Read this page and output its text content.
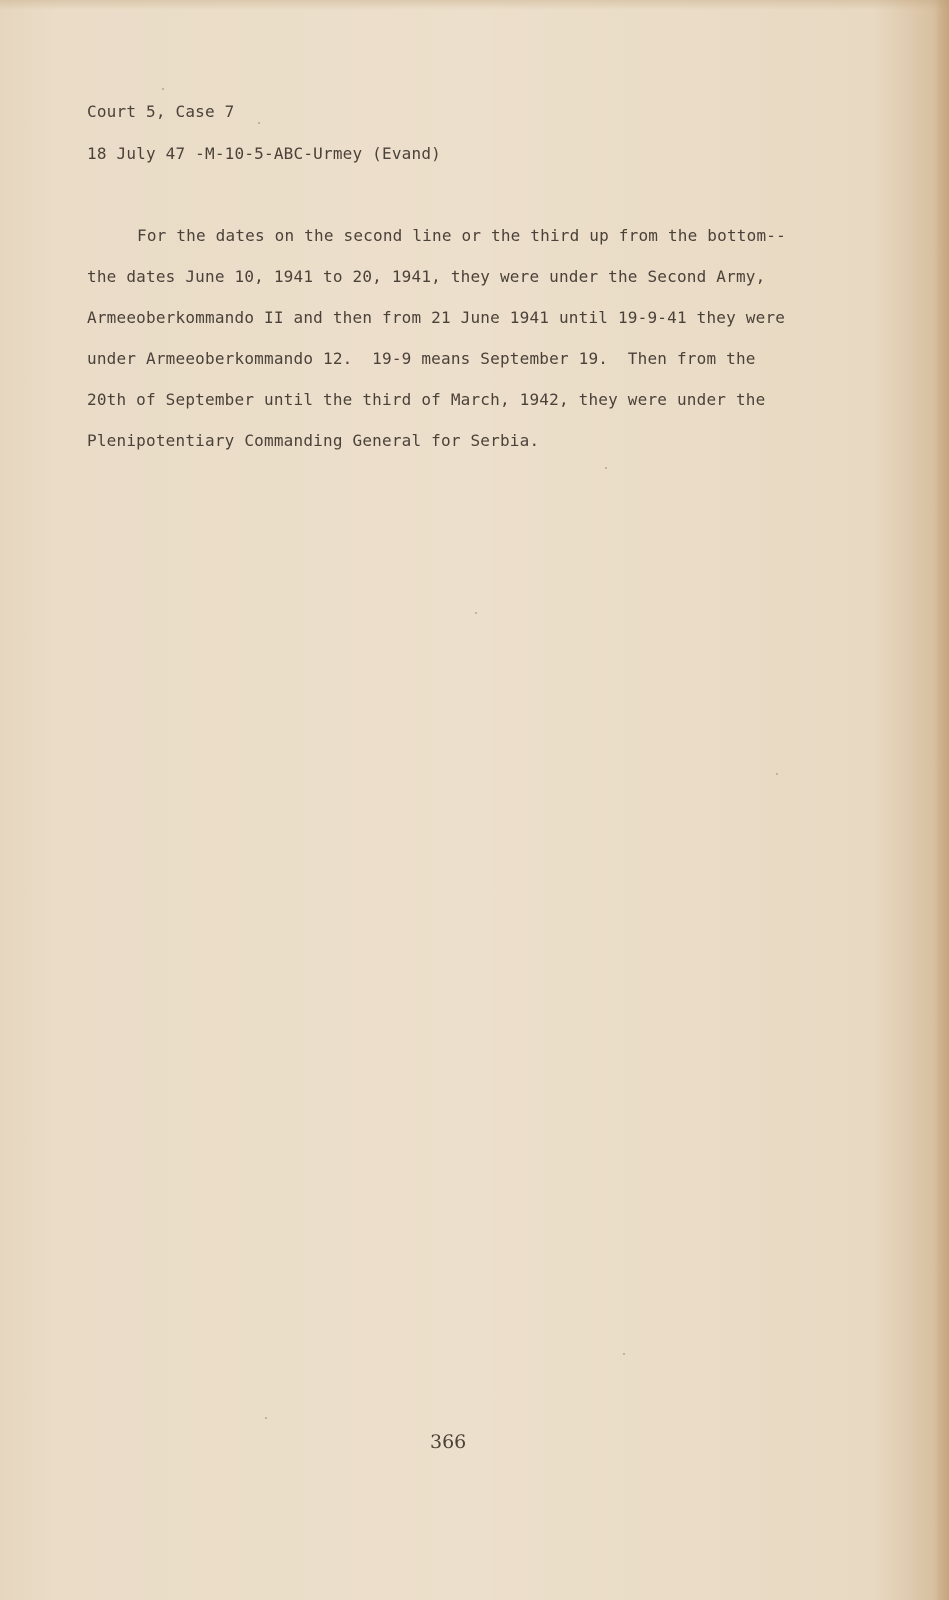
Court 5, Case 7
18 July 47 -M-10-5-ABC-Urmey (Evand)
For the dates on the second line or the third up from the bottom--
the dates June 10, 1941 to 20, 1941, they were under the Second Army,
Armeeoberkommando II and then from 21 June 1941 until 19-9-41 they were
under Armeeoberkommando 12.  19-9 means September 19.  Then from the
20th of September until the third of March, 1942, they were under the
Plenipotentiary Commanding General for Serbia.
366
